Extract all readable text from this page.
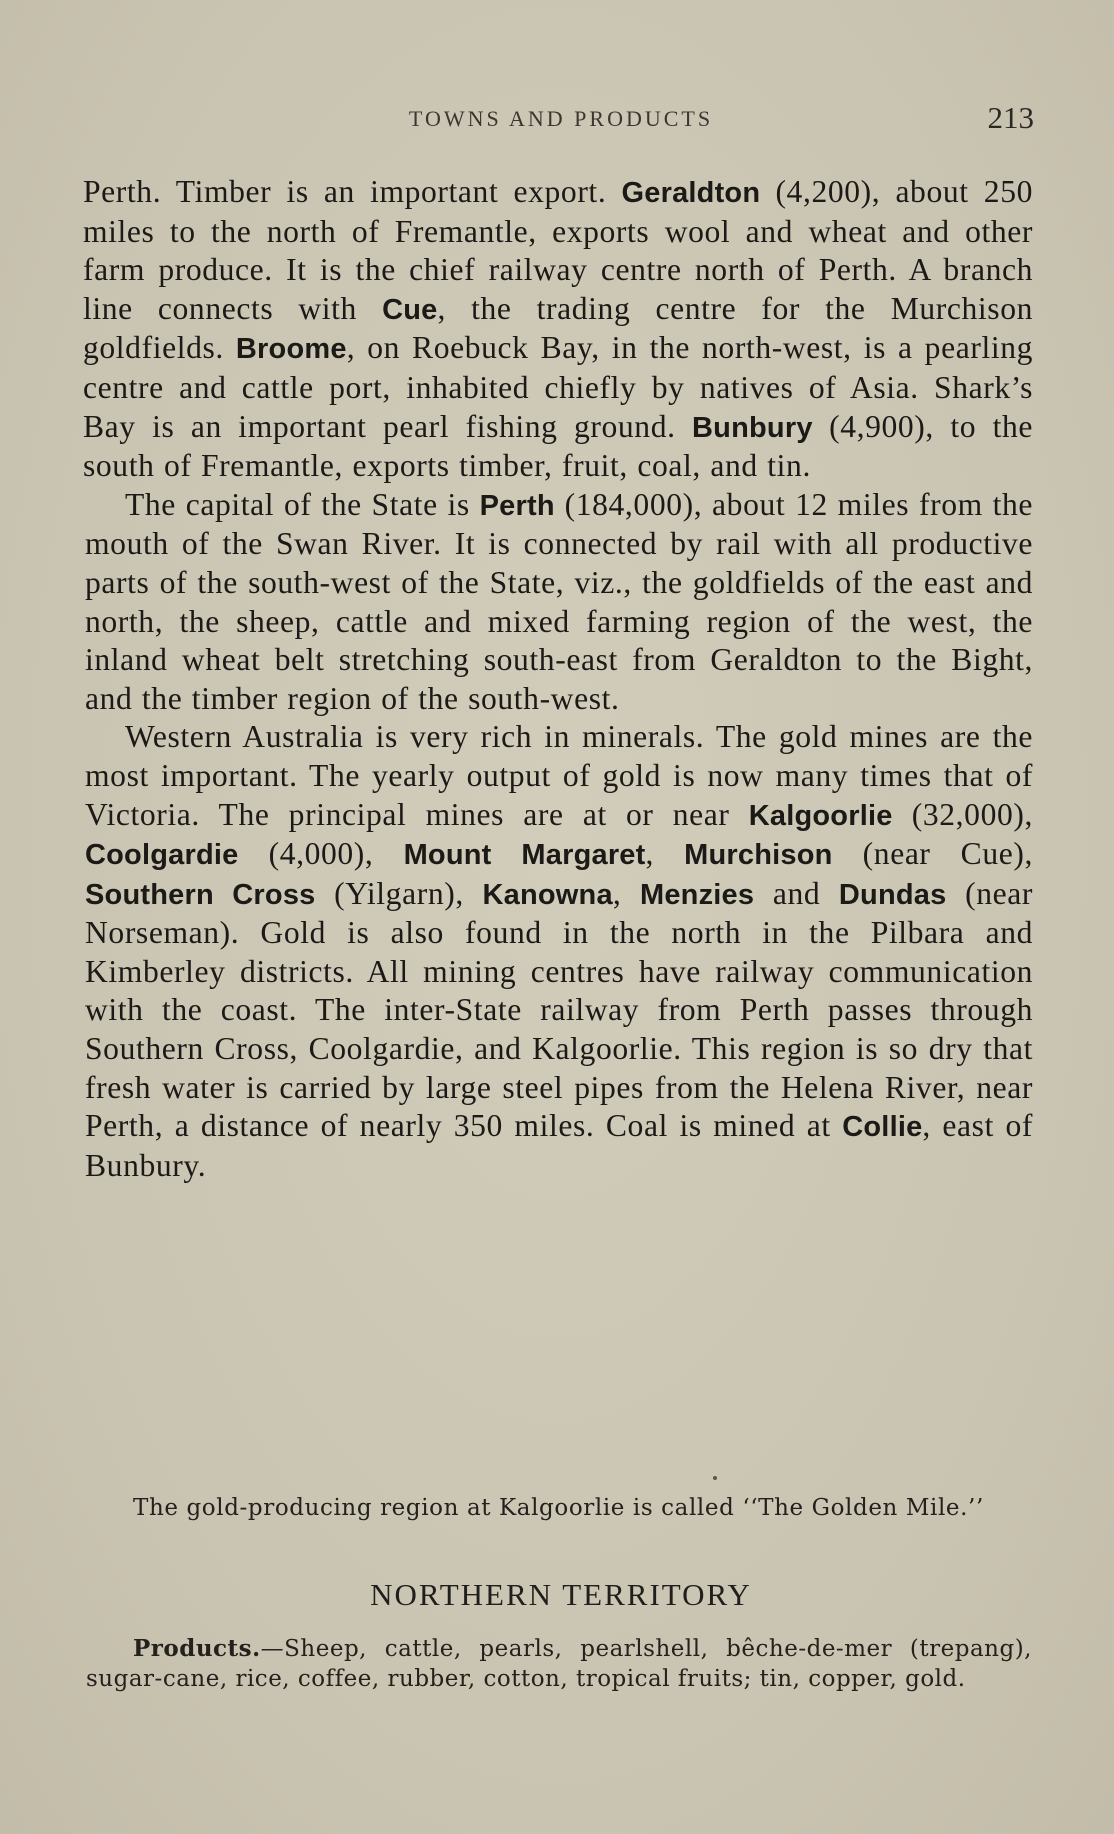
TOWNS AND PRODUCTS	213

Perth. Timber is an important export. Geraldton (4,200), about 250 miles to the north of Fremantle, exports wool and wheat and other farm produce. It is the chief railway centre north of Perth. A branch line connects with Cue, the trading centre for the Murchison goldfields. Broome, on Roebuck Bay, in the north-west, is a pearling centre and cattle port, inhabited chiefly by natives of Asia. Shark’s Bay is an important pearl fishing ground. Bunbury (4,900), to the south of Fremantle, exports timber, fruit, coal, and tin.

The capital of the State is Perth (184,000), about 12 miles from the mouth of the Swan River. It is connected by rail with all productive parts of the south-west of the State, viz., the goldfields of the east and north, the sheep, cattle and mixed farming region of the west, the inland wheat belt stretching south-east from Geraldton to the Bight, and the timber region of the south-west.

Western Australia is very rich in minerals. The gold mines are the most important. The yearly output of gold is now many times that of Victoria. The principal mines are at or near Kalgoorlie (32,000), Coolgardie (4,000), Mount Margaret, Murchison (near Cue), Southern Cross (Yilgarn), Kanowna, Menzies and Dundas (near Norseman). Gold is also found in the north in the Pilbara and Kimberley districts. All mining centres have railway communication with the coast. The inter-State railway from Perth passes through Southern Cross, Coolgardie, and Kalgoorlie. This region is so dry that fresh water is carried by large steel pipes from the Helena River, near Perth, a distance of nearly 350 miles. Coal is mined at Collie, east of Bunbury.

The gold-producing region at Kalgoorlie is called ‘‘The Golden Mile.’’
NORTHERN TERRITORY
Products.—Sheep, cattle, pearls, pearlshell, bêche-de-mer (trepang), sugar-cane, rice, coffee, rubber, cotton, tropical fruits; tin, copper, gold.
